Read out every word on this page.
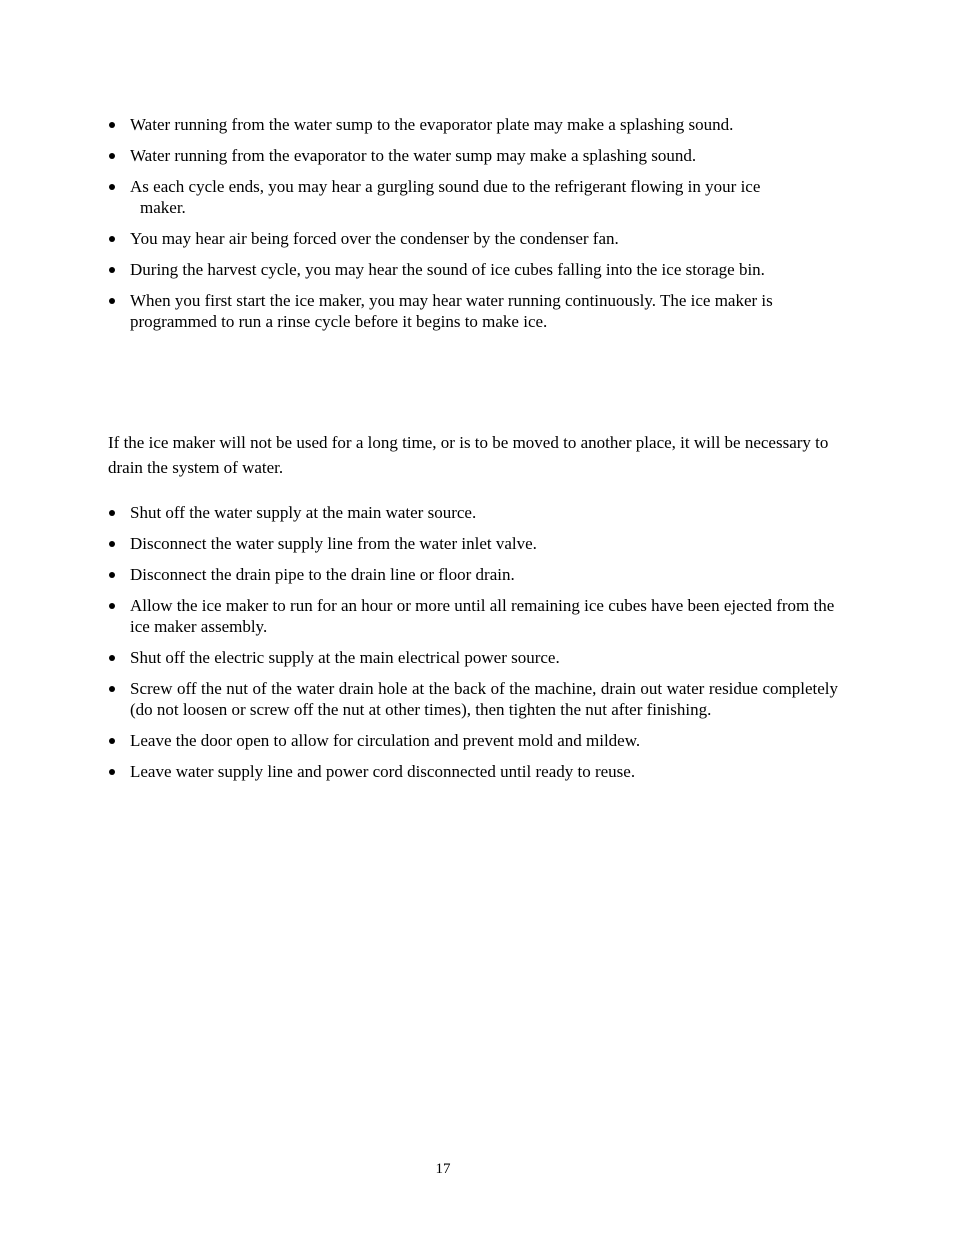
Water running from the water sump to the evaporator plate may make a splashing sound.
Water running from the evaporator to the water sump may make a splashing sound.
As each cycle ends, you may hear a gurgling sound due to the refrigerant flowing in your ice
maker.
You may hear air being forced over the condenser by the condenser fan.
During the harvest cycle, you may hear the sound of ice cubes falling into the ice storage bin.
When you first start the ice maker, you may hear water running continuously. The ice maker is programmed to run a rinse cycle before it begins to make ice.

If the ice maker will not be used for a long time, or is to be moved to another place, it will be necessary to drain the system of water.

Shut off the water supply at the main water source.
Disconnect the water supply line from the water inlet valve.
Disconnect the drain pipe to the drain line or floor drain.
Allow the ice maker to run for an hour or more until all remaining ice cubes have been ejected from the ice maker assembly.
Shut off the electric supply at the main electrical power source.
Screw off the nut of the water drain hole at the back of the machine, drain out water residue completely (do not loosen or screw off the nut at other times), then tighten the nut after finishing.
Leave the door open to allow for circulation and prevent mold and mildew.
Leave water supply line and power cord disconnected until ready to reuse.
17
